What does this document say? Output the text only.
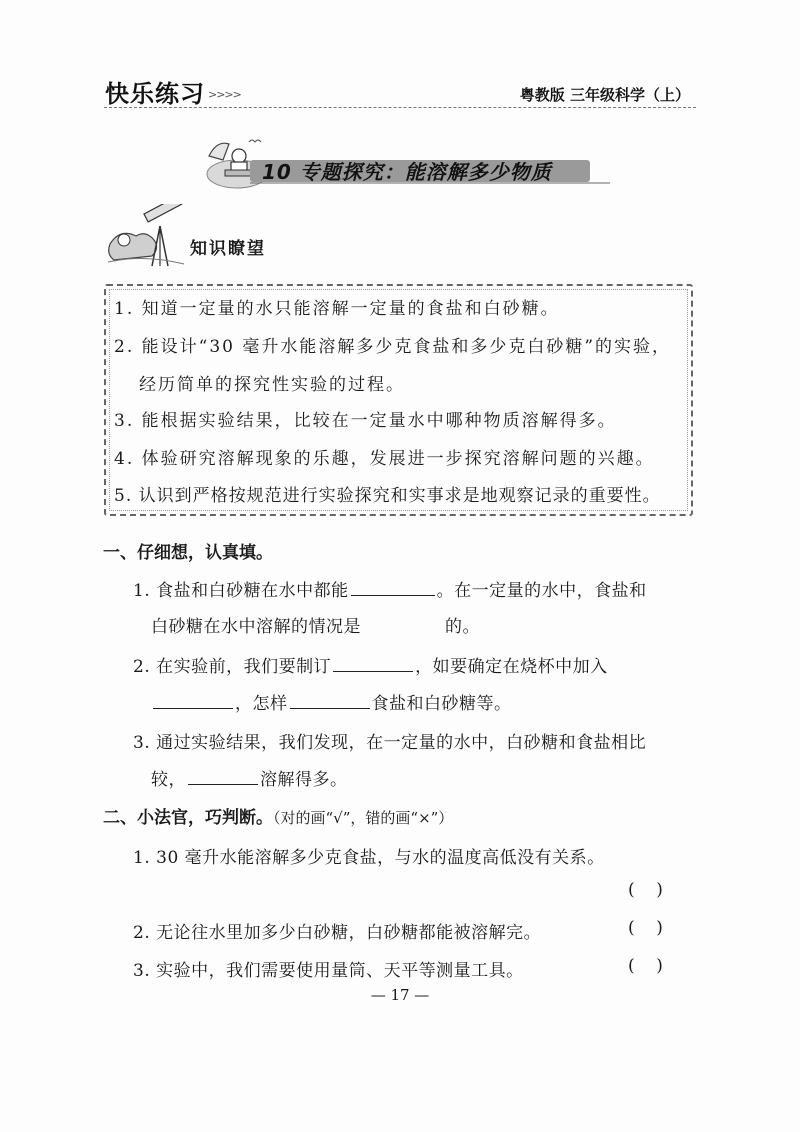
快乐练习 >>>>	粤教版 三年级科学（上）
10 专题探究：能溶解多少物质
知识瞭望
1. 知道一定量的水只能溶解一定量的食盐和白砂糖。
2. 能设计“30 毫升水能溶解多少克食盐和多少克白砂糖”的实验，
经历简单的探究性实验的过程。
3. 能根据实验结果，比较在一定量水中哪种物质溶解得多。
4. 体验研究溶解现象的乐趣，发展进一步探究溶解问题的兴趣。
5. 认识到严格按规范进行实验探究和实事求是地观察记录的重要性。
一、仔细想，认真填。
1. 食盐和白砂糖在水中都能	。在一定量的水中，食盐和
白砂糖在水中溶解的情况是	的。
2. 在实验前，我们要制订	，如要确定在烧杯中加入
，怎样	食盐和白砂糖等。
3. 通过实验结果，我们发现，在一定量的水中，白砂糖和食盐相比
较，	溶解得多。
二、小法官，巧判断。（对的画“√”，错的画“×”）
1. 30 毫升水能溶解多少克食盐，与水的温度高低没有关系。
(    )
2. 无论往水里加多少白砂糖，白砂糖都能被溶解完。	(    )
3. 实验中，我们需要使用量筒、天平等测量工具。	(    )
— 17 —
